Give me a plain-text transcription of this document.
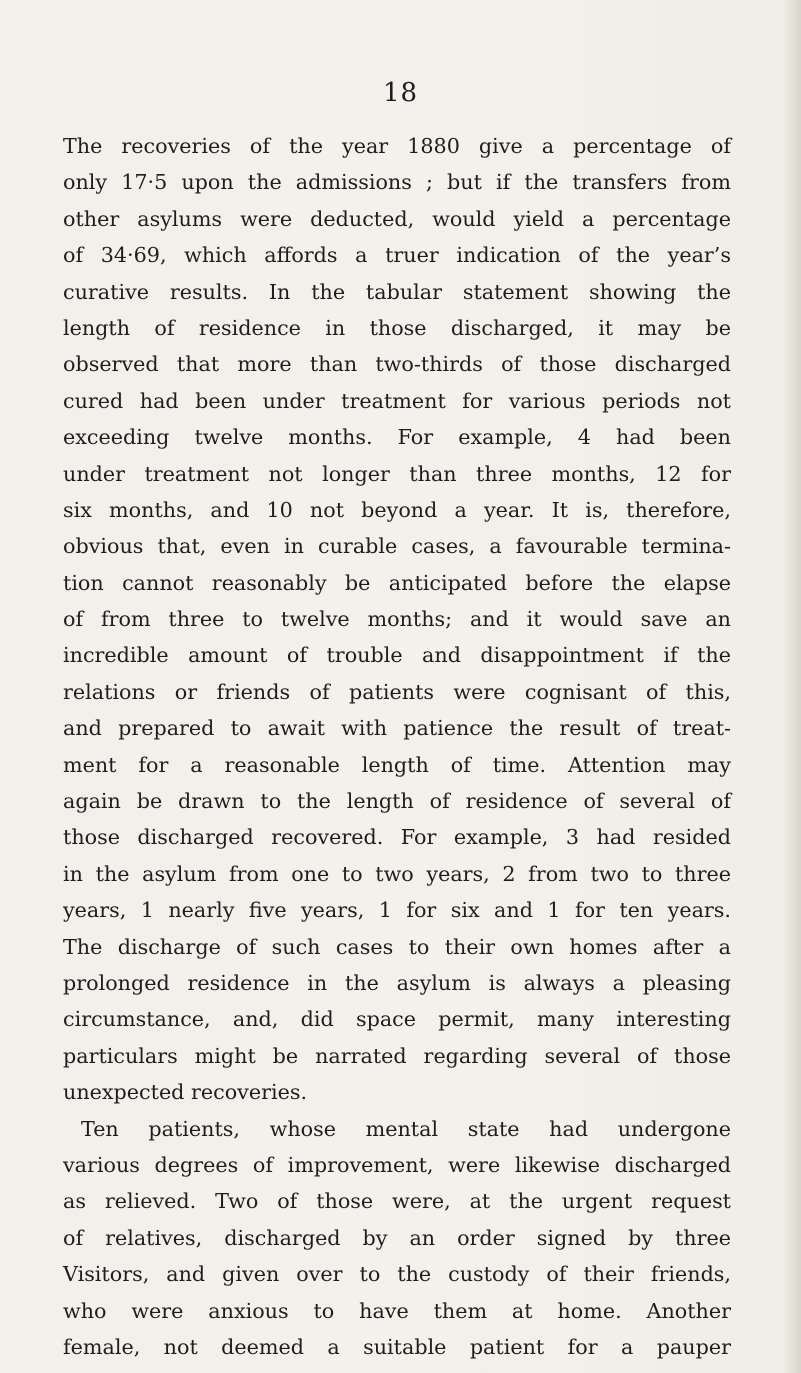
18
The recoveries of the year 1880 give a percentage of
only 17·5 upon the admissions ; but if the transfers from
other asylums were deducted, would yield a percentage
of 34·69, which affords a truer indication of the year’s
curative results. In the tabular statement showing the
length of residence in those discharged, it may be
observed that more than two-thirds of those discharged
cured had been under treatment for various periods not
exceeding twelve months. For example, 4 had been
under treatment not longer than three months, 12 for
six months, and 10 not beyond a year. It is, therefore,
obvious that, even in curable cases, a favourable termina-
tion cannot reasonably be anticipated before the elapse
of from three to twelve months; and it would save an
incredible amount of trouble and disappointment if the
relations or friends of patients were cognisant of this,
and prepared to await with patience the result of treat-
ment for a reasonable length of time. Attention may
again be drawn to the length of residence of several of
those discharged recovered. For example, 3 had resided
in the asylum from one to two years, 2 from two to three
years, 1 nearly five years, 1 for six and 1 for ten years.
The discharge of such cases to their own homes after a
prolonged residence in the asylum is always a pleasing
circumstance, and, did space permit, many interesting
particulars might be narrated regarding several of those
unexpected recoveries.
Ten patients, whose mental state had undergone
various degrees of improvement, were likewise discharged
as relieved. Two of those were, at the urgent request
of relatives, discharged by an order signed by three
Visitors, and given over to the custody of their friends,
who were anxious to have them at home. Another
female, not deemed a suitable patient for a pauper
